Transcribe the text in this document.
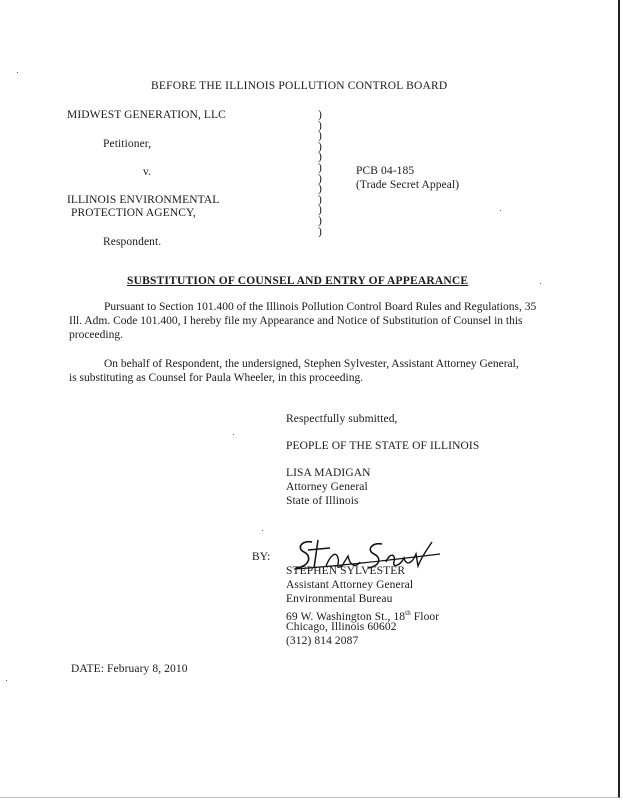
BEFORE THE ILLINOIS POLLUTION CONTROL BOARD
MIDWEST GENERATION, LLC
Petitioner,
v.
ILLINOIS ENVIRONMENTAL
PROTECTION AGENCY,
Respondent.
)
)
)
)
)
)
)
)
)
)
)
)
PCB 04-185
(Trade Secret Appeal)
SUBSTITUTION OF COUNSEL AND ENTRY OF APPEARANCE
Pursuant to Section 101.400 of the Illinois Pollution Control Board Rules and Regulations, 35 Ill. Adm. Code 101.400, I hereby file my Appearance and Notice of Substitution of Counsel in this proceeding.
On behalf of Respondent, the undersigned, Stephen Sylvester, Assistant Attorney General, is substituting as Counsel for Paula Wheeler, in this proceeding.
Respectfully submitted,
PEOPLE OF THE STATE OF ILLINOIS
LISA MADIGAN
Attorney General
State of Illinois
BY:
STEPHEN SYLVESTER
Assistant Attorney General
Environmental Bureau
69 W. Washington St., 18th Floor
Chicago, Illinois 60602
(312) 814 2087
DATE: February 8, 2010
